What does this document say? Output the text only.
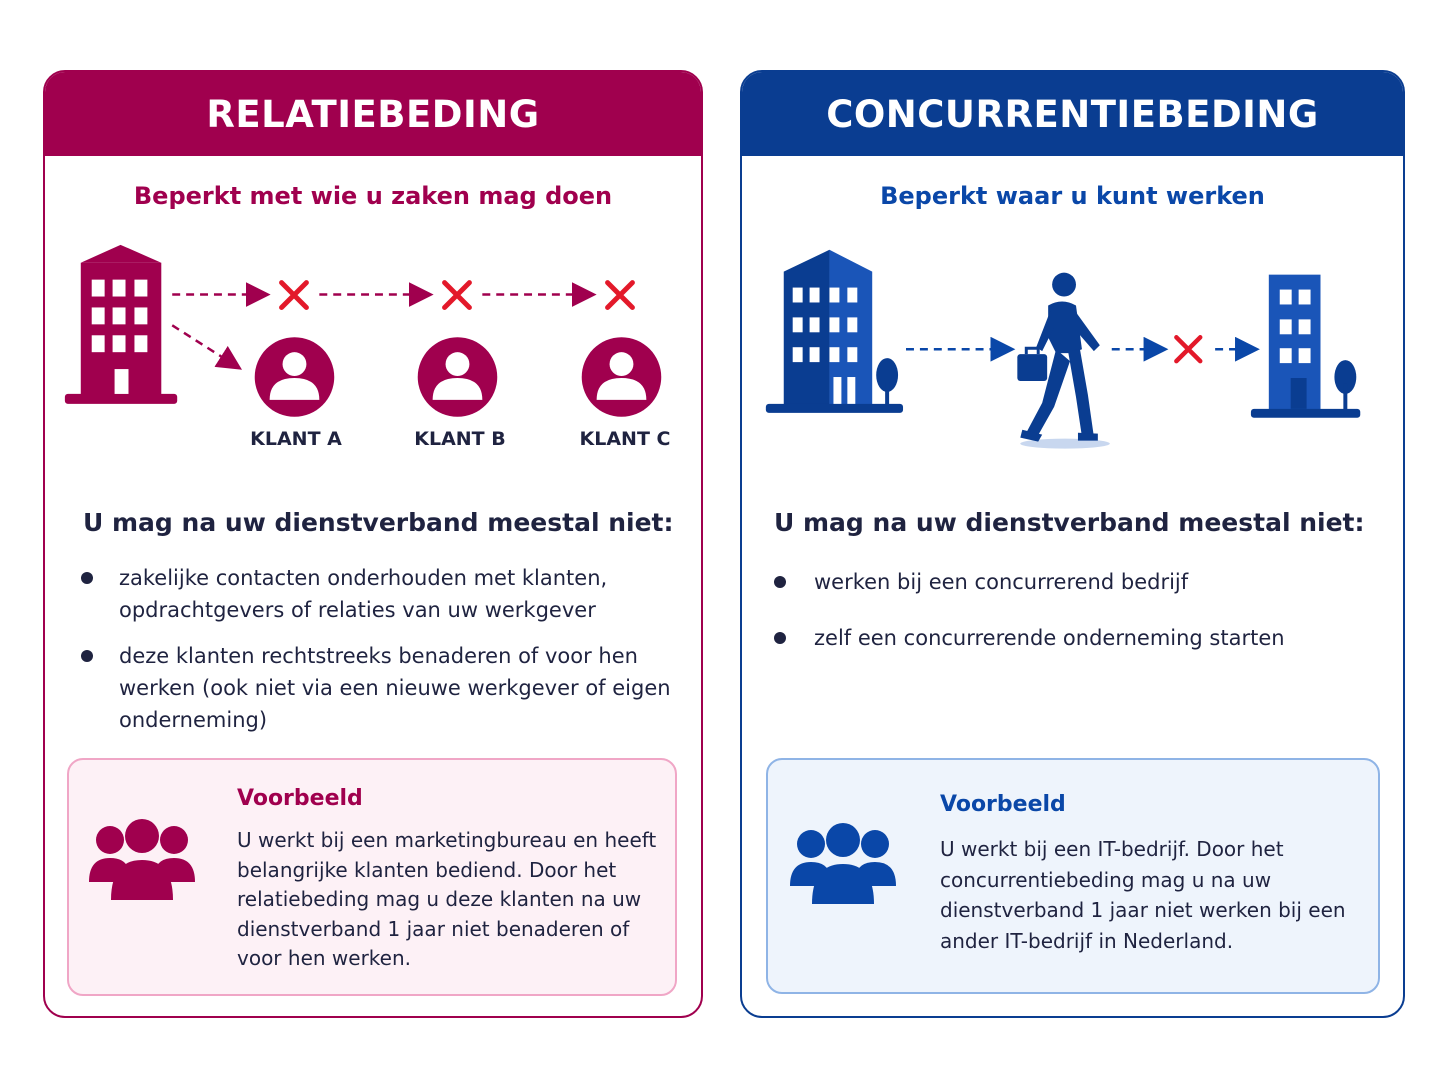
RELATIEBEDING
Beperkt met wie u zaken mag doen
KLANT A	KLANT B	KLANT C
U mag na uw dienstverband meestal niet:
zakelijke contacten onderhouden met klanten, opdrachtgevers of relaties van uw werkgever
deze klanten rechtstreeks benaderen of voor hen werken (ook niet via een nieuwe werkgever of eigen onderneming)
Voorbeeld
U werkt bij een marketingbureau en heeft belangrijke klanten bediend. Door het relatiebeding mag u deze klanten na uw dienstverband 1 jaar niet benaderen of voor hen werken.
CONCURRENTIEBEDING
Beperkt waar u kunt werken
U mag na uw dienstverband meestal niet:
werken bij een concurrerend bedrijf
zelf een concurrerende onderneming starten
Voorbeeld
U werkt bij een IT-bedrijf. Door het concurrentiebeding mag u na uw dienstverband 1 jaar niet werken bij een ander IT-bedrijf in Nederland.
